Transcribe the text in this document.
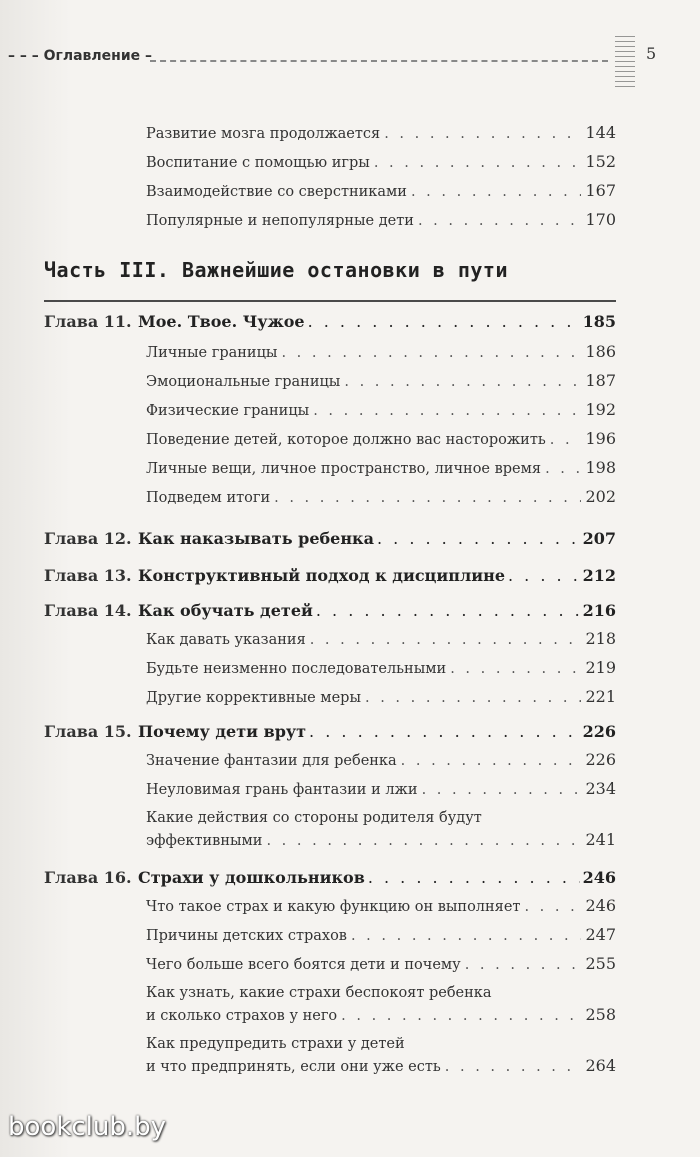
– – – Оглавление –	5
Развитие мозга продолжается . . .	144
Воспитание с помощью игры . . .	152
Взаимодействие со сверстниками . . .	167
Популярные и непопулярные дети . . .	170
Часть III. Важнейшие остановки в пути
Глава 11. Мое. Твое. Чужое . . .	185
Личные границы . . .	186
Эмоциональные границы . . .	187
Физические границы . . .	192
Поведение детей, которое должно вас насторожить . . . 196
Личные вещи, личное пространство, личное время . . .	198
Подведем итоги . . .	202
Глава 12. Как наказывать ребенка . . .	207
Глава 13. Конструктивный подход к дисциплине . . .	212
Глава 14. Как обучать детей . . .	216
Как давать указания . . .	218
Будьте неизменно последовательными . . .	219
Другие коррективные меры . . .	221
Глава 15. Почему дети врут . . .	226
Значение фантазии для ребенка . . .	226
Неуловимая грань фантазии и лжи . . .	234
Какие действия со стороны родителя будут
эффективными . . .	241
Глава 16. Страхи у дошкольников . . .	246
Что такое страх и какую функцию он выполняет . . .	246
Причины детских страхов . . .	247
Чего больше всего боятся дети и почему . . .	255
Как узнать, какие страхи беспокоят ребенка
и сколько страхов у него . . .	258
Как предупредить страхи у детей
и что предпринять, если они уже есть . . .	264
bookclub.by
